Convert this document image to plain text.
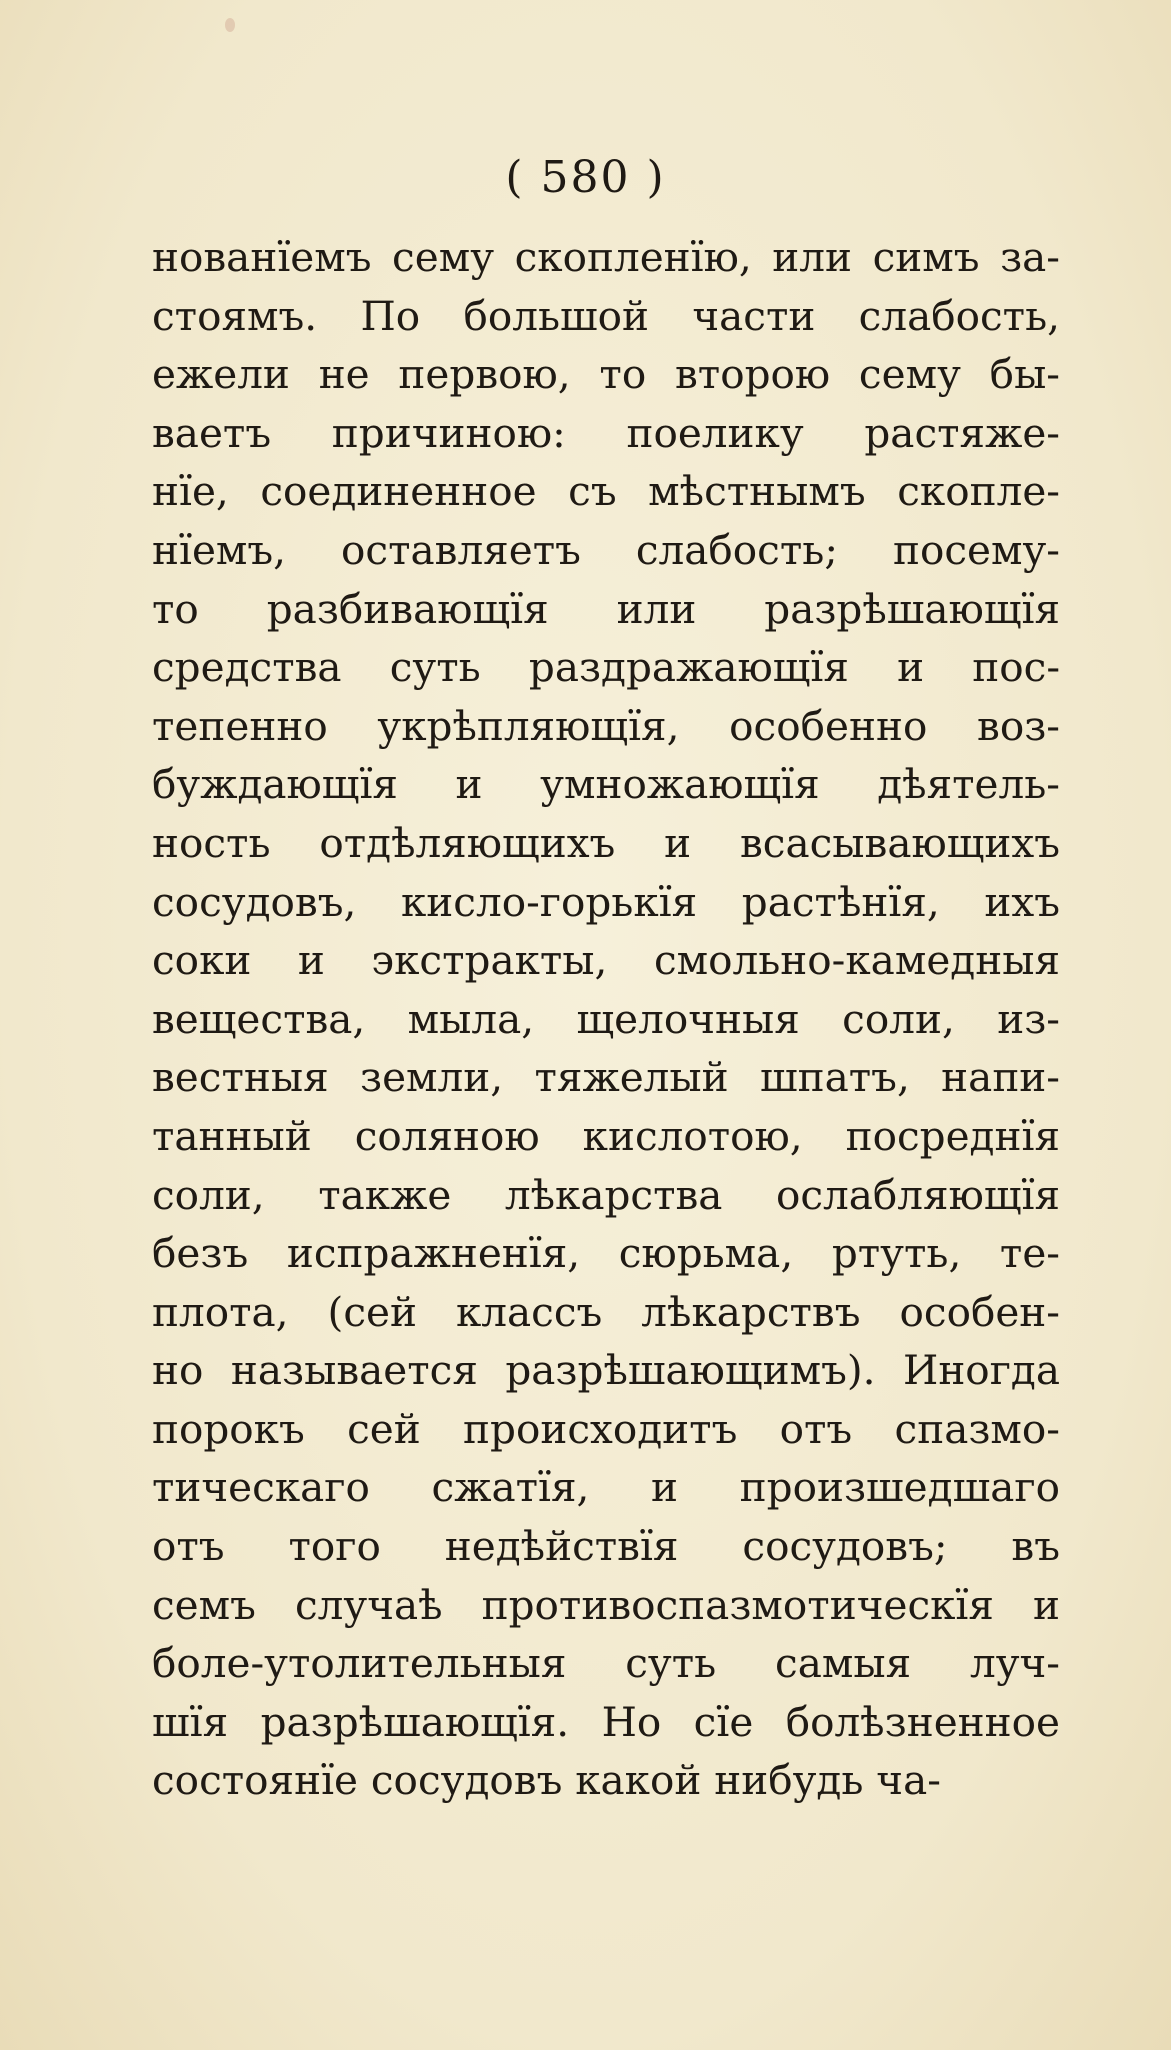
( 580 )
нованїемъ сему скопленїю, или симъ за-
стоямъ. По большой части слабость,
ежели не первою, то второю сему бы-
ваетъ причиною: поелику растяже-
нїе, соединенное съ мѣстнымъ скопле-
нїемъ, оставляетъ слабость; посему-
то разбивающїя или разрѣшающїя
средства суть раздражающїя и пос-
тепенно укрѣпляющїя, особенно воз-
буждающїя и умножающїя дѣятель-
ность отдѣляющихъ и всасывающихъ
сосудовъ, кисло-горькїя растѣнїя, ихъ
соки и экстракты, смольно-камедныя
вещества, мыла, щелочныя соли, из-
вестныя земли, тяжелый шпатъ, напи-
танный соляною кислотою, посреднїя
соли, также лѣкарства ослабляющїя
безъ испражненїя, сюрьма, ртуть, те-
плота, (сей классъ лѣкарствъ особен-
но называется разрѣшающимъ). Иногда
порокъ сей происходитъ отъ спазмо-
тическаго сжатїя, и произшедшаго
отъ того недѣйствїя сосудовъ; въ
семъ случаѣ противоспазмотическїя и
боле-утолительныя суть самыя луч-
шїя разрѣшающїя. Но сїе болѣзненное
состоянїе сосудовъ какой нибудь ча-
